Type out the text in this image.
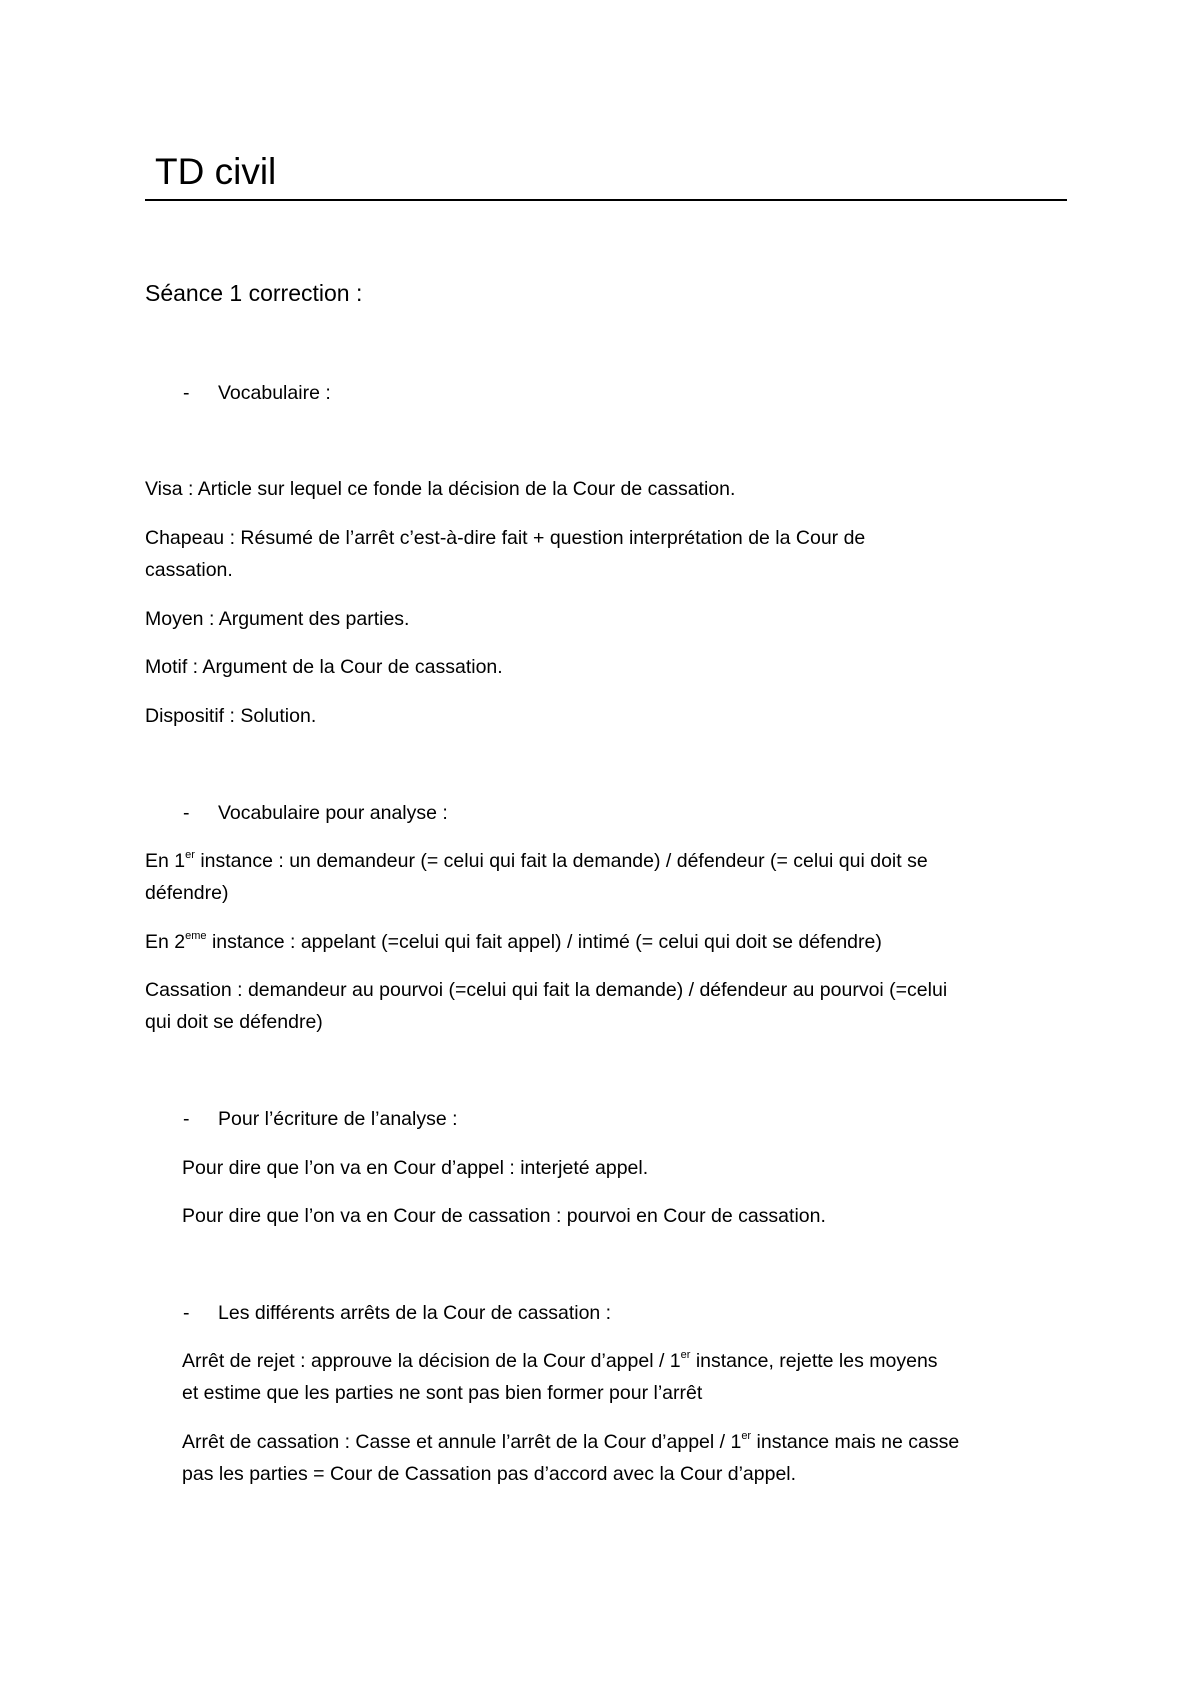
TD civil
Séance 1 correction :
- Vocabulaire :
Visa : Article sur lequel ce fonde la décision de la Cour de cassation.
Chapeau : Résumé de l’arrêt c’est-à-dire fait + question interprétation de la Cour de
cassation.
Moyen : Argument des parties.
Motif : Argument de la Cour de cassation.
Dispositif : Solution.
- Vocabulaire pour analyse :
En 1er instance : un demandeur (= celui qui fait la demande) / défendeur (= celui qui doit se
défendre)
En 2eme instance : appelant (=celui qui fait appel) / intimé (= celui qui doit se défendre)
Cassation : demandeur au pourvoi (=celui qui fait la demande) / défendeur au pourvoi (=celui
qui doit se défendre)
- Pour l’écriture de l’analyse :
Pour dire que l’on va en Cour d’appel : interjeté appel.
Pour dire que l’on va en Cour de cassation : pourvoi en Cour de cassation.
- Les différents arrêts de la Cour de cassation :
Arrêt de rejet : approuve la décision de la Cour d’appel / 1er instance, rejette les moyens
et estime que les parties ne sont pas bien former pour l’arrêt
Arrêt de cassation : Casse et annule l’arrêt de la Cour d’appel / 1er instance mais ne casse
pas les parties = Cour de Cassation pas d’accord avec la Cour d’appel.
